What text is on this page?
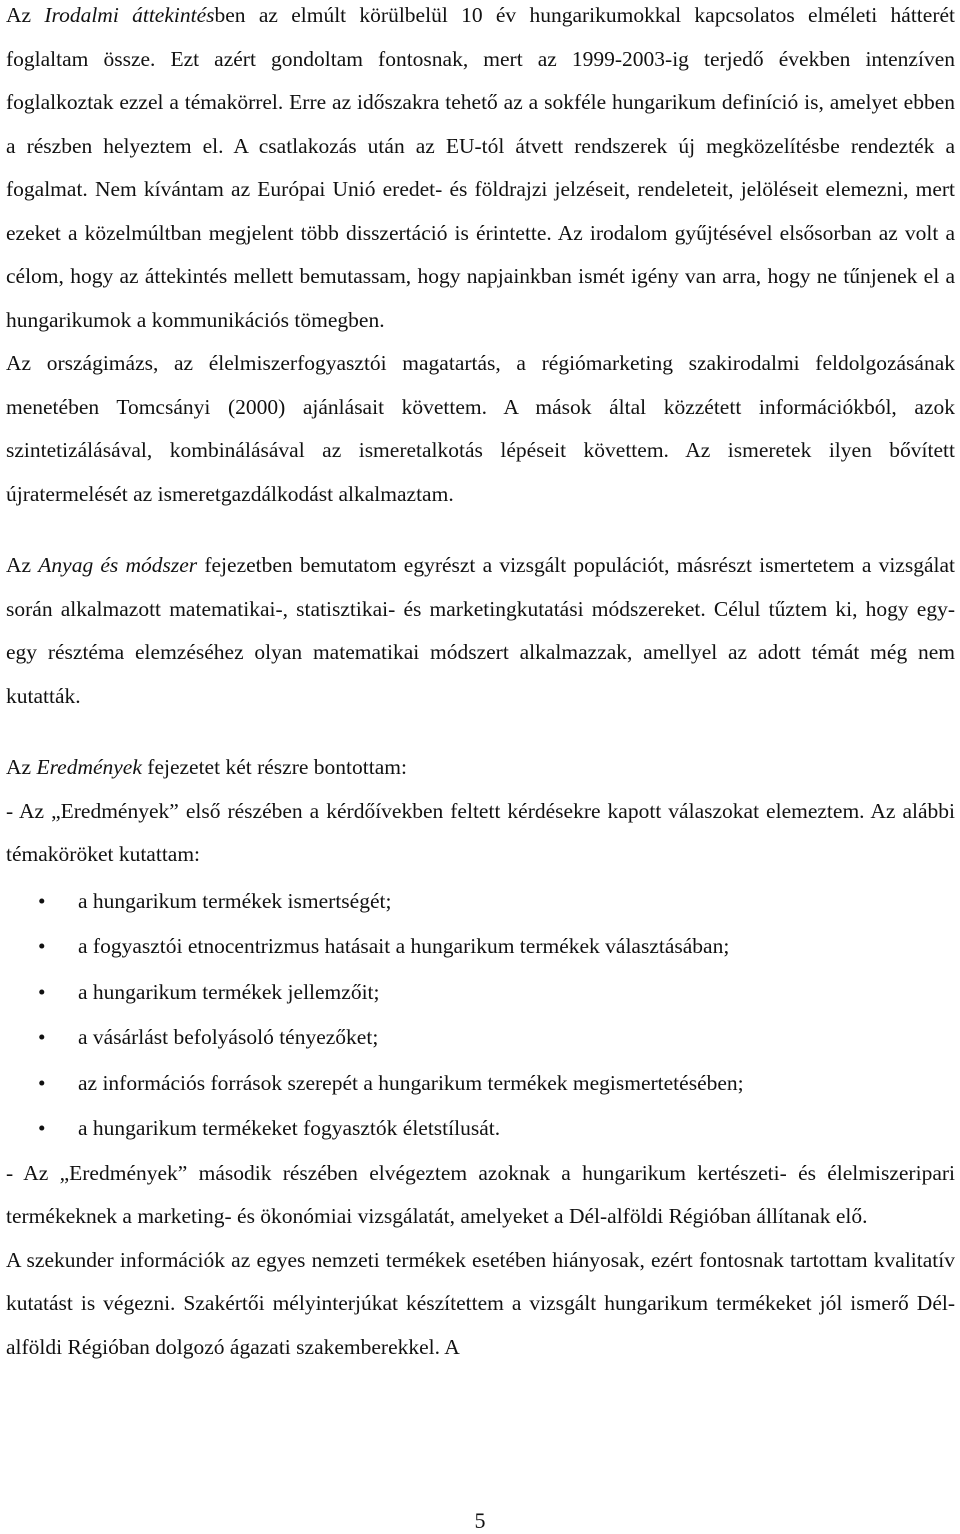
Az Irodalmi áttekintésben az elmúlt körülbelül 10 év hungarikumokkal kapcsolatos elméleti hátterét foglaltam össze. Ezt azért gondoltam fontosnak, mert az 1999-2003-ig terjedő években intenzíven foglalkoztak ezzel a témakörrel. Erre az időszakra tehető az a sokféle hungarikum definíció is, amelyet ebben a részben helyeztem el. A csatlakozás után az EU-tól átvett rendszerek új megközelítésbe rendezték a fogalmat. Nem kívántam az Európai Unió eredet- és földrajzi jelzéseit, rendeleteit, jelöléseit elemezni, mert ezeket a közelmúltban megjelent több disszertáció is érintette. Az irodalom gyűjtésével elsősorban az volt a célom, hogy az áttekintés mellett bemutassam, hogy napjainkban ismét igény van arra, hogy ne tűnjenek el a hungarikumok a kommunikációs tömegben.

Az országimázs, az élelmiszerfogyasztói magatartás, a régiómarketing szakirodalmi feldolgozásának menetében Tomcsányi (2000) ajánlásait követtem. A mások által közzétett információkból, azok szintetizálásával, kombinálásával az ismeretalkotás lépéseit követtem. Az ismeretek ilyen bővített újratermelését az ismeretgazdálkodást alkalmaztam.

Az Anyag és módszer fejezetben bemutatom egyrészt a vizsgált populációt, másrészt ismertetem a vizsgálat során alkalmazott matematikai-, statisztikai- és marketingkutatási módszereket. Célul tűztem ki, hogy egy-egy résztéma elemzéséhez olyan matematikai módszert alkalmazzak, amellyel az adott témát még nem kutatták.

Az Eredmények fejezetet két részre bontottam:

- Az „Eredmények” első részében a kérdőívekben feltett kérdésekre kapott válaszokat elemeztem. Az alábbi témaköröket kutattam:

• a hungarikum termékek ismertségét;
• a fogyasztói etnocentrizmus hatásait a hungarikum termékek választásában;
• a hungarikum termékek jellemzőit;
• a vásárlást befolyásoló tényezőket;
• az információs források szerepét a hungarikum termékek megismertetésében;
• a hungarikum termékeket fogyasztók életstílusát.

- Az „Eredmények” második részében elvégeztem azoknak a hungarikum kertészeti- és élelmiszeripari termékeknek a marketing- és ökonómiai vizsgálatát, amelyeket a Dél-alföldi Régióban állítanak elő.

A szekunder információk az egyes nemzeti termékek esetében hiányosak, ezért fontosnak tartottam kvalitatív kutatást is végezni. Szakértői mélyinterjúkat készítettem a vizsgált hungarikum termékeket jól ismerő Dél-alföldi Régióban dolgozó ágazati szakemberekkel. A

5
